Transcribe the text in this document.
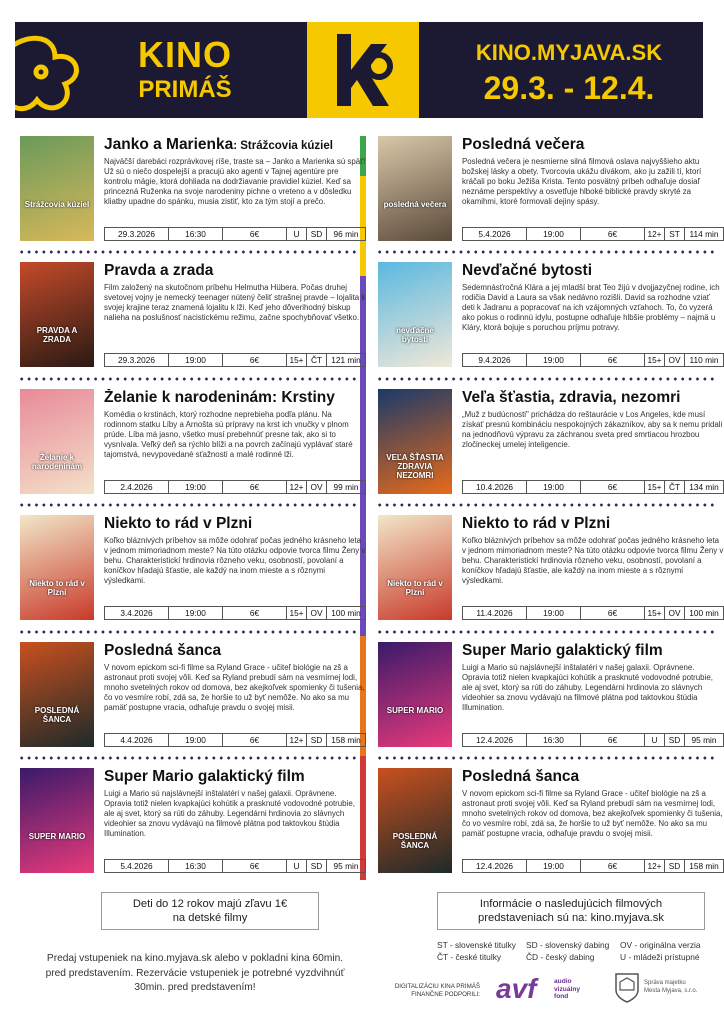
KINO
PRIMÁŠ
KINO.MYJAVA.SK
29.3. - 12.4.
Strážcovia kúziel
Janko a Marienka: Strážcovia kúziel
Najväčší darebáci rozprávkovej ríše, traste sa – Janko a Marienka sú späť! Už sú o niečo dospelejší a pracujú ako agenti v Tajnej agentúre pre kontrolu mágie, ktorá dohliada na dodržiavanie pravidiel kúziel. Keď sa princezná Ruženka na svoje narodeniny pichne o vreteno a v dôsledku kliatby upadne do spánku, musia zistiť, kto za tým stojí a prečo.
29.3.2026	16:30	6€	U	SD	96 min
PRAVDA A ZRADA
Pravda a zrada
Film založený na skutočnom príbehu Helmutha Hübera. Počas druhej svetovej vojny je nemecký teenager nútený čeliť strašnej pravde – lojalita k svojej krajine teraz znamená lojalitu k lži. Keď jeho dôverihodný biskup nalieha na poslušnosť nacistickému režimu, začne spochybňovať všetko.
29.3.2026	19:00	6€	15+ ČT	121 min
Želanie k narodeninám
Želanie k narodeninám: Krstiny
Komédia o krstinách, ktorý rozhodne neprebieha podľa plánu. Na rodinnom statku Líby a Arnošta sú prípravy na krst ich vnučky v plnom prúde. Líba má jasno, všetko musí prebehnúť presne tak, ako si to vysnívala. Veľký deň sa rýchlo blíži a na povrch začínajú vyplávať staré tajomstvá, nevypovedané sťažnosti a malé rodinné lži.
2.4.2026	19:00	6€	12+ OV	99 min
Niekto to rád v Plzni
Niekto to rád v Plzni
Koľko bláznivých príbehov sa môže odohrať počas jedného krásneho leta v jednom mimoriadnom meste? Na túto otázku odpovie tvorca filmu Ženy v behu. Charakteristickí hrdinovia rôzneho veku, osobností, povolaní a koníčkov hľadajú šťastie, ale každý na inom mieste a s rôznymi výsledkami.
3.4.2026	19:00	6€	15+ OV	100 min
POSLEDNÁ ŠANCA
Posledná šanca
V novom epickom sci-fi filme sa Ryland Grace - učiteľ biológie na zš a astronaut proti svojej vôli. Keď sa Ryland prebudí sám na vesmírnej lodi, mnoho svetelných rokov od domova, bez akejkoľvek spomienky či tušenia, čo vo vesmíre robí, zdá sa, že horšie to už byť nemôže. No ako sa mu pamäť postupne vracia, odhaľuje pravdu o svojej misii.
4.4.2026	19:00	6€	12+ SD	158 min
SUPER MARIO
Super Mario galaktický film
Luigi a Mario sú najslávnejší inštalatéri v našej galaxii. Oprávnene. Opravia totiž nielen kvapkajúci kohútik a prasknuté vodovodné potrubie, ale aj svet, ktorý sa rúti do záhuby. Legendárni hrdinovia zo slávnych videohier sa znovu vydávajú na filmové plátna pod taktovkou štúdia Illumination.
5.4.2026	16:30	6€	U	SD	95 min
posledná večera
Posledná večera
Posledná večera je nesmierne silná filmová oslava najvyššieho aktu božskej lásky a obety. Tvorcovia ukážu divákom, ako ju zažili tí, ktorí kráčali po boku Ježiša Krista. Tento posvätný príbeh odhaľuje dosiaľ neznáme perspektívy a osvetľuje hlboké biblické pravdy skryté za okamihmi, ktoré formovali dejiny spásy.
5.4.2026	19:00	6€	12+ ST	114 min
nevďačné bytosti
Nevďačné bytosti
Sedemnásťročná Klára a jej mladší brat Teo žijú v dvojjazyčnej rodine, ich rodičia David a Laura sa však nedávno rozišli. David sa rozhodne vziať deti k Jadranu a popracovať na ich vzájomných vzťahoch. To, čo vyzerá ako pokus o rodinnú idylu, postupne odhaľuje hlbšie problémy – najmä u Kláry, ktorá bojuje s poruchou príjmu potravy.
9.4.2026	19:00	6€	15+ OV	110 min
VEĽA ŠŤASTIA ZDRAVIA NEZOMRI
Veľa šťastia, zdravia, nezomri
„Muž z budúcnosti" prichádza do reštaurácie v Los Angeles, kde musí získať presnú kombináciu nespokojných zákazníkov, aby sa k nemu pridali na jednodňovú výpravu za záchranou sveta pred smrtiacou hrozbou zločineckej umelej inteligencie.
10.4.2026	19:00	6€	15+ ČT	134 min
Niekto to rád v Plzni
Niekto to rád v Plzni
Koľko bláznivých príbehov sa môže odohrať počas jedného krásneho leta v jednom mimoriadnom meste? Na túto otázku odpovie tvorca filmu Ženy v behu. Charakteristickí hrdinovia rôzneho veku, osobností, povolaní a koníčkov hľadajú šťastie, ale každý na inom mieste a s rôznymi výsledkami.
11.4.2026	19:00	6€	15+ OV	100 min
SUPER MARIO
Super Mario galaktický film
Luigi a Mario sú najslávnejší inštalatéri v našej galaxii. Oprávnene. Opravia totiž nielen kvapkajúci kohútik a prasknuté vodovodné potrubie, ale aj svet, ktorý sa rúti do záhuby. Legendárni hrdinovia zo slávnych videohier sa znovu vydávajú na filmové plátna pod taktovkou štúdia Illumination.
12.4.2026	16:30	6€	U	SD	95 min
POSLEDNÁ ŠANCA
Posledná šanca
V novom epickom sci-fi filme sa Ryland Grace - učiteľ biológie na zš a astronaut proti svojej vôli. Keď sa Ryland prebudí sám na vesmírnej lodi, mnoho svetelných rokov od domova, bez akejkoľvek spomienky či tušenia, čo vo vesmíre robí, zdá sa, že horšie to už byť nemôže. No ako sa mu pamäť postupne vracia, odhaľuje pravdu o svojej misii.
12.4.2026	19:00	6€	12+ SD	158 min
Deti do 12 rokov majú zľavu 1€
na detské filmy
Informácie o nasledujúcich filmových
predstaveniach sú na: kino.myjava.sk
Predaj vstupeniek na kino.myjava.sk alebo v pokladni kina 60min. pred predstavením. Rezervácie vstupeniek je potrebné vyzdvihnúť 30min. pred predstavením!
ST - slovenské titulky
ČT - české titulky
SD - slovenský dabing
ČD - český dabing
OV - originálna verzia
U - mládeži prístupné
DIGITALIZÁCIU KINA PRIMÁŠ
FINANČNE PODPORILI: avf	audio
vizuálny
fond
Správa majetku
Mesta Myjava, s.r.o.
